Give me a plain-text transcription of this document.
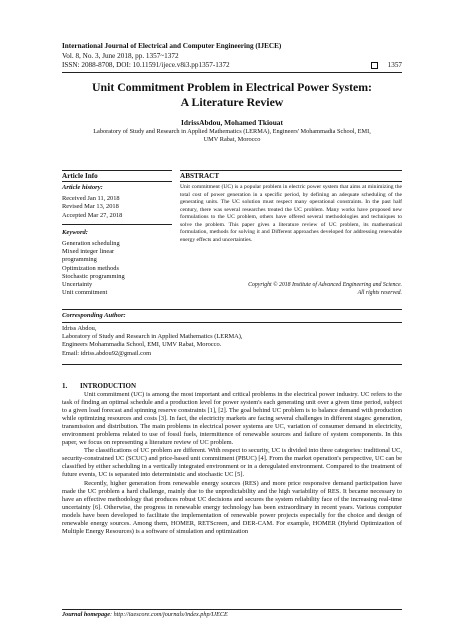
International Journal of Electrical and Computer Engineering (IJECE)
Vol. 8, No. 3, June 2018, pp. 1357~1372
ISSN: 2088-8708, DOI: 10.11591/ijece.v8i3.pp1357-1372	1357
Unit Commitment Problem in Electrical Power System:
A Literature Review
IdrissAbdou, Mohamed Tkiouat
Laboratory of Study and Research in Applied Mathematics (LERMA), Engineers' Mohammadia School, EMI, UMV Rabat, Morocco
Article Info	ABSTRACT
Article history:
Received Jan 11, 2018
Revised Mar 13, 2018
Accepted Mar 27, 2018
Keyword:
Generation scheduling
Mixed integer linear
programming
Optimization methods
Stochastic programming
Uncertainty
Unit commitment
Unit commitment (UC) is a popular problem in electric power system that aims at minimizing the total cost of power generation in a specific period, by defining an adequate scheduling of the generating units. The UC solution must respect many operational constraints. In the past half century, there was several researches treated the UC problem. Many works have proposed new formulations to the UC problem, others have offered several methodologies and techniques to solve the problem. This paper gives a literature review of UC problem, its mathematical formulation, methods for solving it and Different approaches developed for addressing renewable energy effects and uncertainties.
Copyright © 2018 Institute of Advanced Engineering and Science.
All rights reserved.
Corresponding Author:
Idriss Abdou,
Laboratory of Study and Research in Applied Mathematics (LERMA),
Engineers Mohammadia School, EMI, UMV Rabat, Morocco.
Email: idriss.abdou92@gmail.com
1. INTRODUCTION

Unit commitment (UC) is among the most important and critical problems in the electrical power industry. UC refers to the task of finding an optimal schedule and a production level for power system's each generating unit over a given time period, subject to a given load forecast and spinning reserve constraints [1], [2]. The goal behind UC problem is to balance demand with production while optimizing resources and costs [3]. In fact, the electricity markets are facing several challenges in different stages: generation, transmission and distribution. The main problems in electrical power systems are UC, variation of consumer demand in electricity, environment problems related to use of fossil fuels, intermittence of renewable sources and failure of system components. In this paper, we focus on representing a literature review of UC problem.

The classifications of UC problem are different. With respect to security, UC is divided into three categories: traditional UC, security-constrained UC (SCUC) and price-based unit commitment (PBUC) [4]. From the market operation's perspective, UC can be classified by either scheduling in a vertically integrated environment or in a deregulated environment. Compared to the treatment of future events, UC is separated into deterministic and stochastic UC [5].

Recently, higher generation from renewable energy sources (RES) and more price responsive demand participation have made the UC problem a hard challenge, mainly due to the unpredictability and the high variability of RES. It became necessary to have an effective methodology that produces robust UC decisions and secures the system reliability face of the increasing real-time uncertainty [6]. Otherwise, the progress in renewable energy technology has been extraordinary in recent years. Various computer models have been developed to facilitate the implementation of renewable power projects especially for the choice and design of renewable energy sources. Among them, HOMER, RETScreen, and DER-CAM. For example, HOMER (Hybrid Optimization of Multiple Energy Resources) is a software of simulation and optimization

Journal homepage: http://iaescore.com/journals/index.php/IJECE
